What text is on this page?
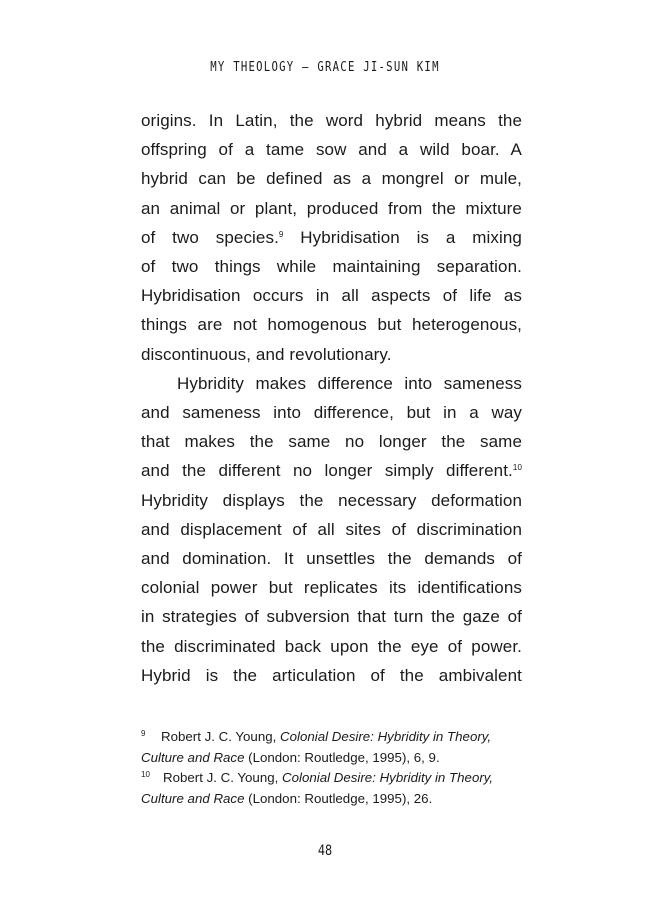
MY THEOLOGY – GRACE JI-SUN KIM
origins. In Latin, the word hybrid means the
offspring of a tame sow and a wild boar. A
hybrid can be defined as a mongrel or mule,
an animal or plant, produced from the mixture
of two species.$^9$ Hybridisation is a mixing
of two things while maintaining separation.
Hybridisation occurs in all aspects of life as
things are not homogenous but heterogenous,
discontinuous, and revolutionary.
Hybridity makes difference into sameness
and sameness into difference, but in a way
that makes the same no longer the same
and the different no longer simply different.$^{10}$
Hybridity displays the necessary deformation
and displacement of all sites of discrimination
and domination. It unsettles the demands of
colonial power but replicates its identifications
in strategies of subversion that turn the gaze of
the discriminated back upon the eye of power.
Hybrid is the articulation of the ambivalent
9 Robert J. C. Young, Colonial Desire: Hybridity in Theory,
Culture and Race (London: Routledge, 1995), 6, 9.
10 Robert J. C. Young, Colonial Desire: Hybridity in Theory,
Culture and Race (London: Routledge, 1995), 26.
48
